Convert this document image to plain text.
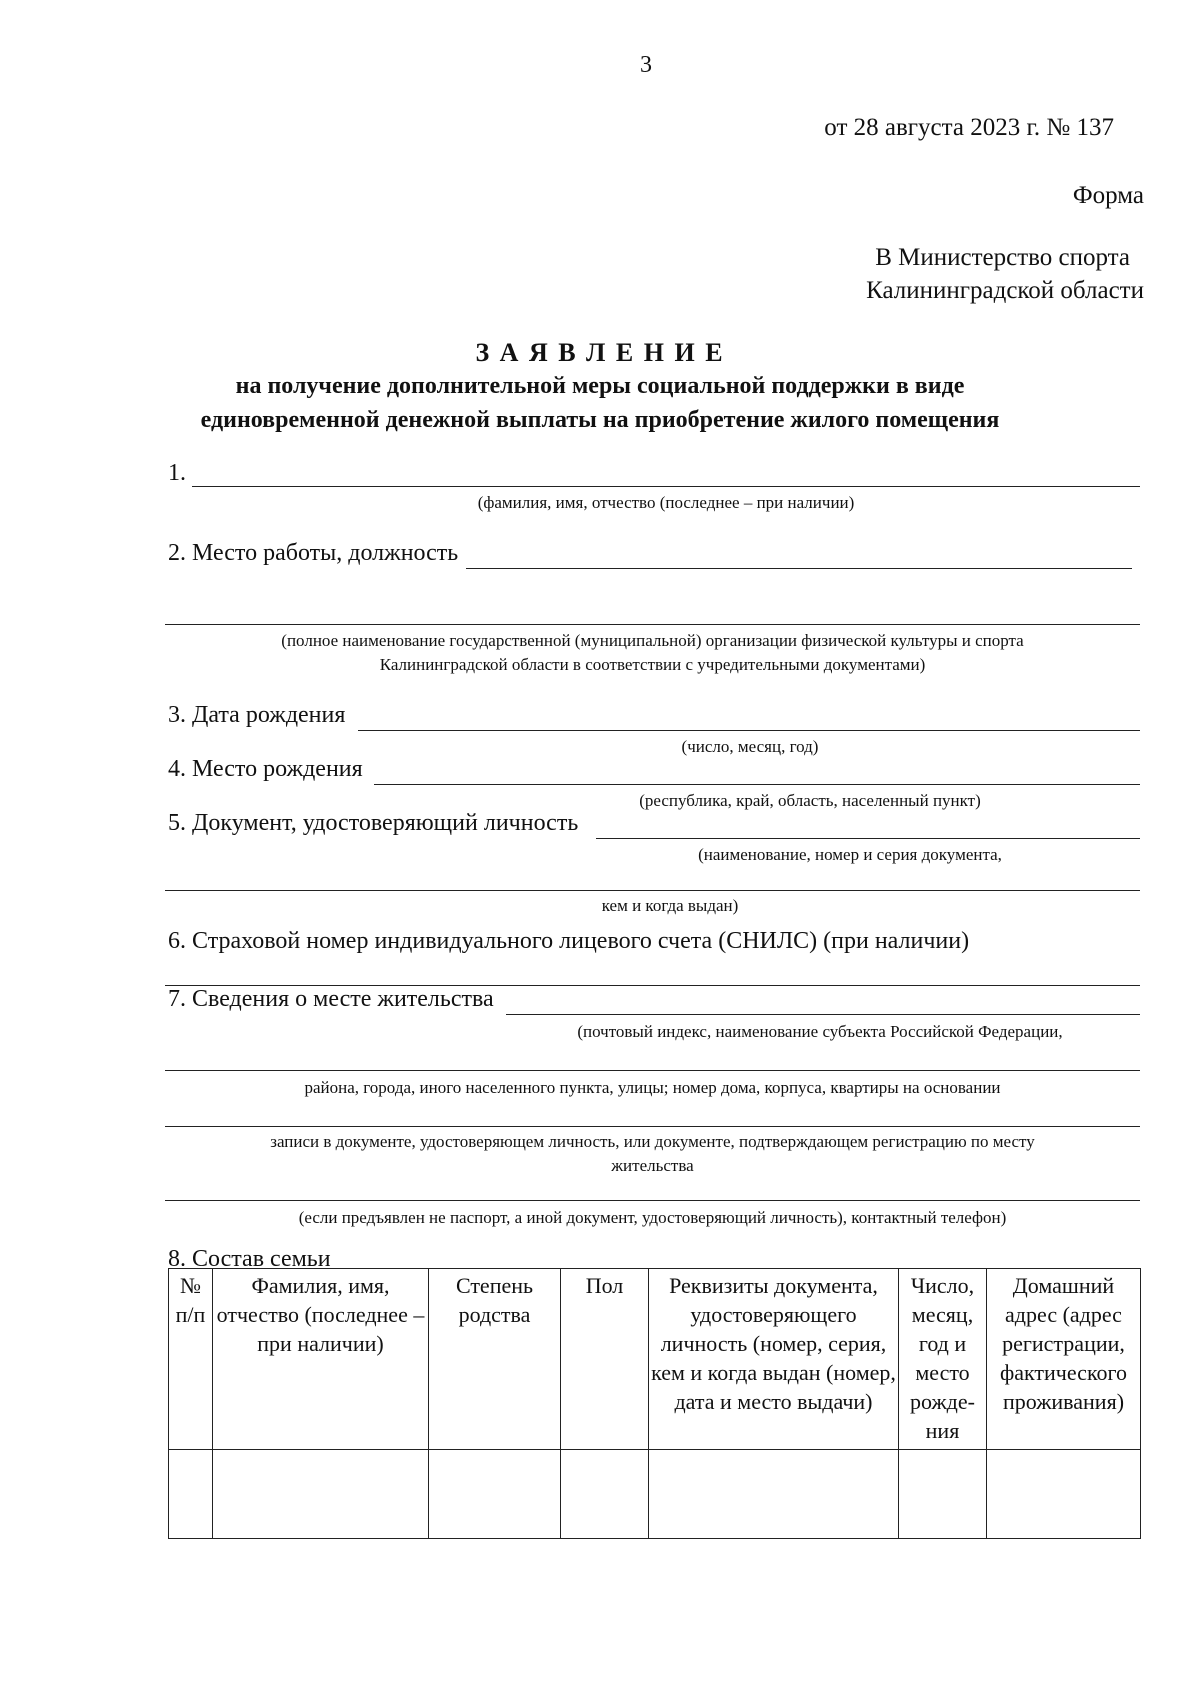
3
от 28 августа 2023 г. № 137
Форма
В Министерство спорта
Калининградской области
З А Я В Л Е Н И Е
на получение дополнительной меры социальной поддержки в виде
единовременной денежной выплаты на приобретение жилого помещения
1.
(фамилия, имя, отчество (последнее – при наличии)
2. Место работы, должность
(полное наименование государственной (муниципальной) организации физической культуры и спорта
Калининградской области в соответствии с учредительными документами)
3. Дата рождения
(число, месяц, год)
4. Место рождения
(республика, край, область, населенный пункт)
5. Документ, удостоверяющий личность
(наименование, номер и серия документа,
кем и когда выдан)
6. Страховой номер индивидуального лицевого счета (СНИЛС) (при наличии)
7. Сведения о месте жительства
(почтовый индекс, наименование субъекта Российской Федерации,
района, города, иного населенного пункта, улицы; номер дома, корпуса, квартиры на основании
записи в документе, удостоверяющем личность, или документе, подтверждающем регистрацию по месту
жительства
(если предъявлен не паспорт, а иной документ, удостоверяющий личность), контактный телефон)
8. Состав семьи
№ п/п	Фамилия, имя, отчество (последнее – при наличии)	Степень родства	Пол	Реквизиты документа, удостоверяющего личность (номер, серия, кем и когда выдан (номер, дата и место выдачи)	Число, месяц, год и место рожде-ния	Домашний адрес (адрес регистрации, фактического проживания)
